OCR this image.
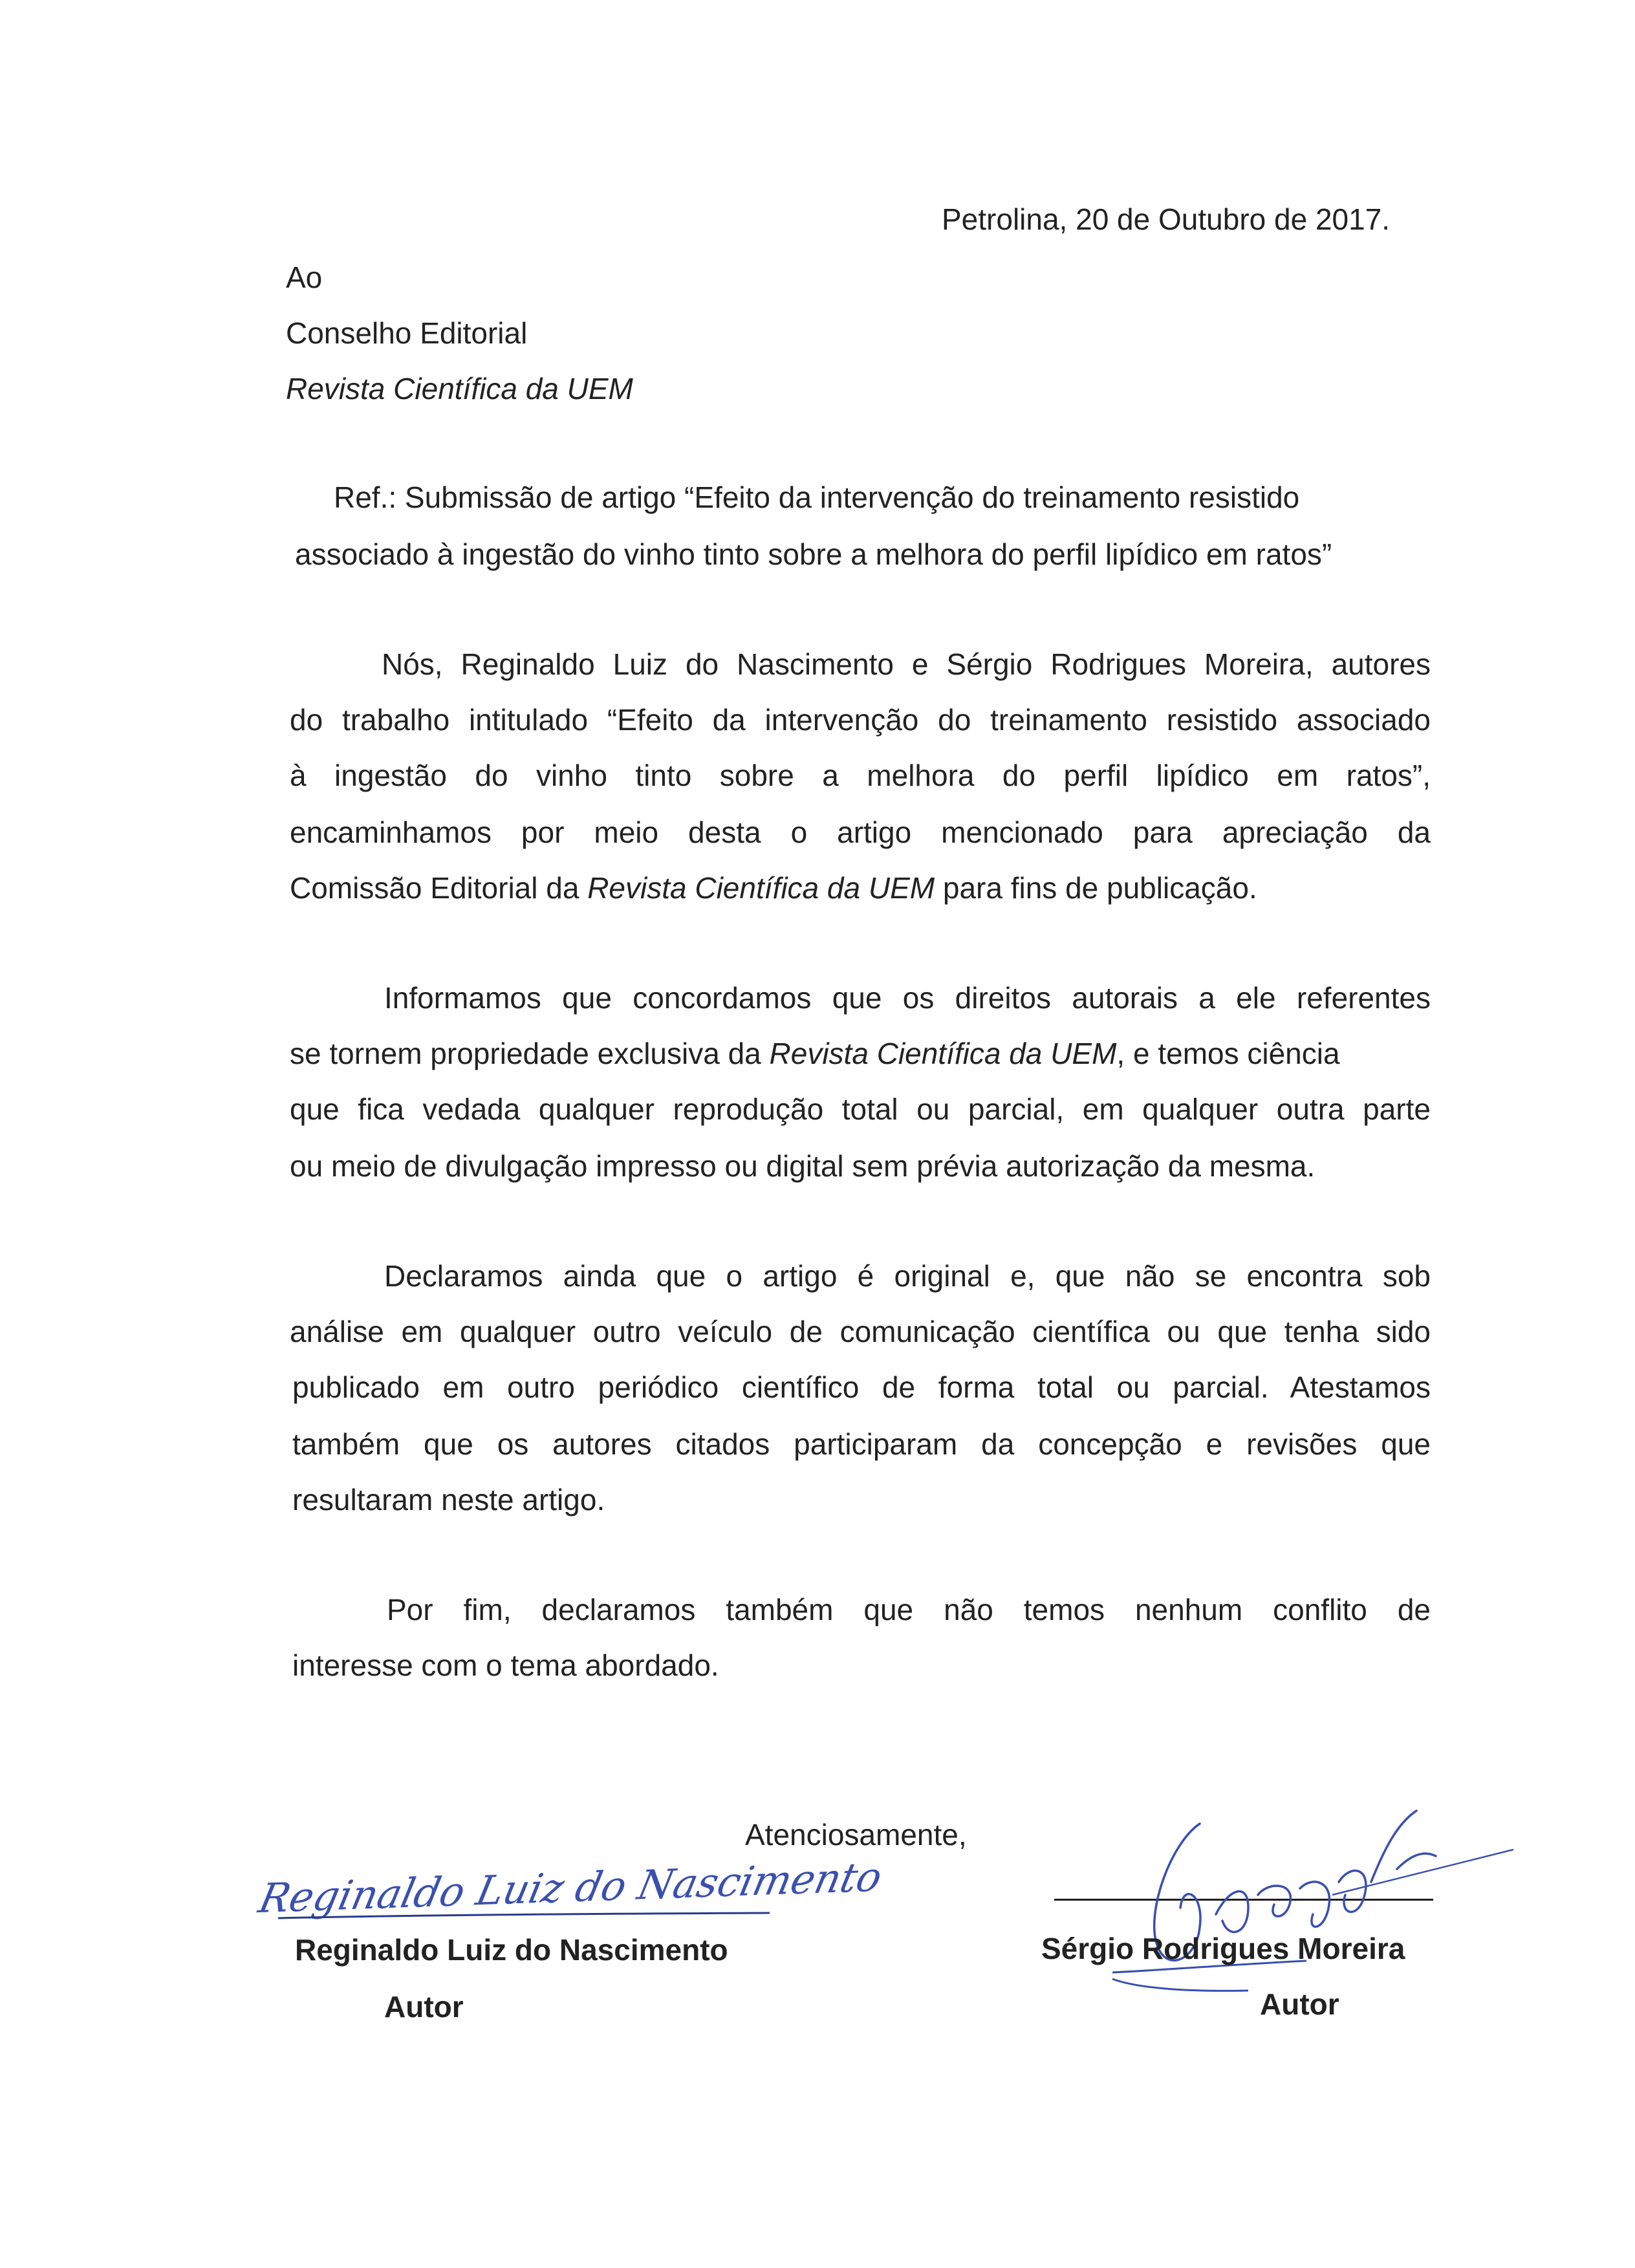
Petrolina, 20 de Outubro de 2017.

Ao

Conselho Editorial

Revista Científica da UEM

Ref.: Submissão de artigo “Efeito da intervenção do treinamento resistido

associado à ingestão do vinho tinto sobre a melhora do perfil lipídico em ratos”

Nós, Reginaldo Luiz do Nascimento e Sérgio Rodrigues Moreira, autores

do trabalho intitulado “Efeito da intervenção do treinamento resistido associado

à ingestão do vinho tinto sobre a melhora do perfil lipídico em ratos”,

encaminhamos por meio desta o artigo mencionado para apreciação da

Comissão Editorial da Revista Científica da UEM para fins de publicação.

Informamos que concordamos que os direitos autorais a ele referentes

se tornem propriedade exclusiva da Revista Científica da UEM, e temos ciência

que fica vedada qualquer reprodução total ou parcial, em qualquer outra parte

ou meio de divulgação impresso ou digital sem prévia autorização da mesma.

Declaramos ainda que o artigo é original e, que não se encontra sob

análise em qualquer outro veículo de comunicação científica ou que tenha sido

publicado em outro periódico científico de forma total ou parcial. Atestamos

também que os autores citados participaram da concepção e revisões que

resultaram neste artigo.

Por fim, declaramos também que não temos nenhum conflito de

interesse com o tema abordado.

Atenciosamente,

Reginaldo Luiz do Nascimento

Reginaldo Luiz do Nascimento

Autor

Sérgio Rodrigues Moreira

Autor
